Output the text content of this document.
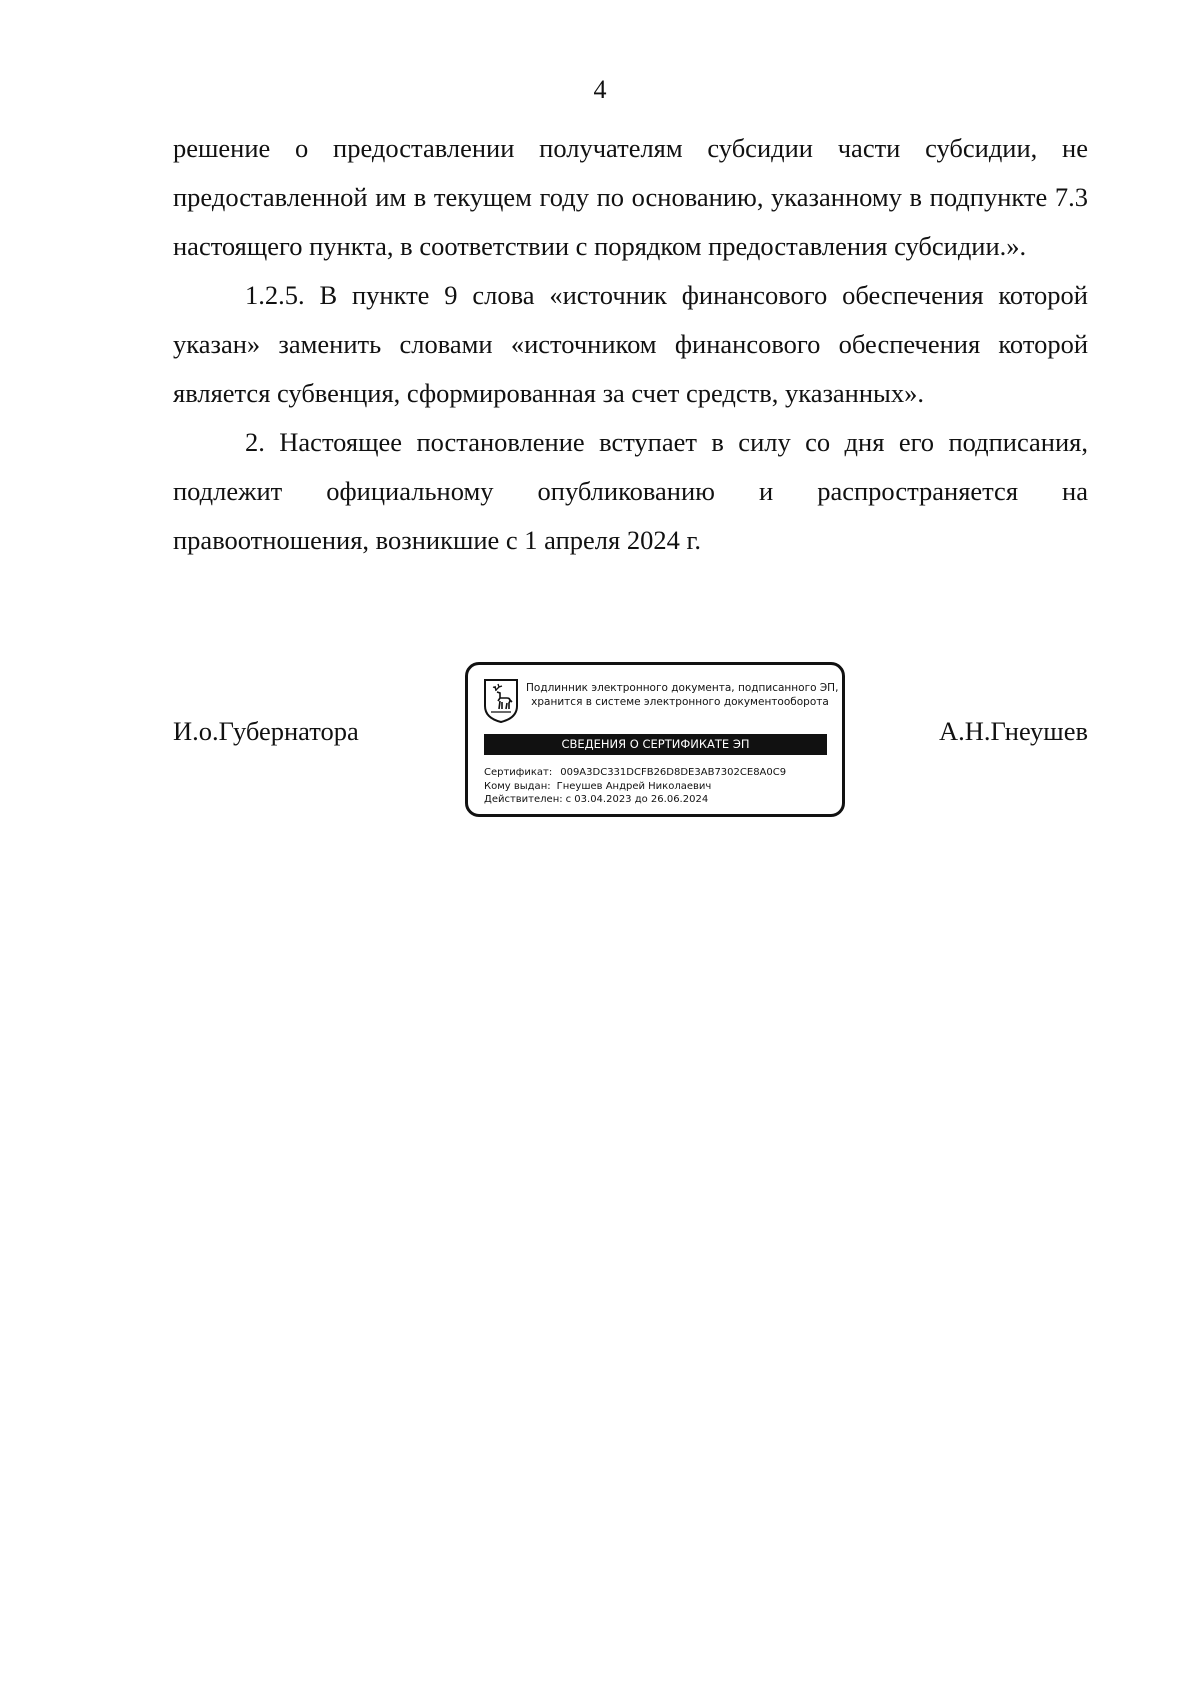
4

решение о предоставлении получателям субсидии части субсидии, не предоставленной им в текущем году по основанию, указанному в подпункте 7.3 настоящего пункта, в соответствии с порядком предоставления субсидии.».

1.2.5. В пункте 9 слова «источник финансового обеспечения которой указан» заменить словами «источником финансового обеспечения которой является субвенция, сформированная за счет средств, указанных».

2. Настоящее постановление вступает в силу со дня его подписания, подлежит официальному опубликованию и распространяется на правоотношения, возникшие с 1 апреля 2024 г.

И.о.Губернатора
Подлинник электронного документа, подписанного ЭП,
хранится в системе электронного документооборота
СВЕДЕНИЯ О СЕРТИФИКАТЕ ЭП
Сертификат: 009A3DC331DCFB26D8DE3AB7302CE8A0C9
Кому выдан: Гнеушев Андрей Николаевич
Действителен: с 03.04.2023 до 26.06.2024
А.Н.Гнеушев
